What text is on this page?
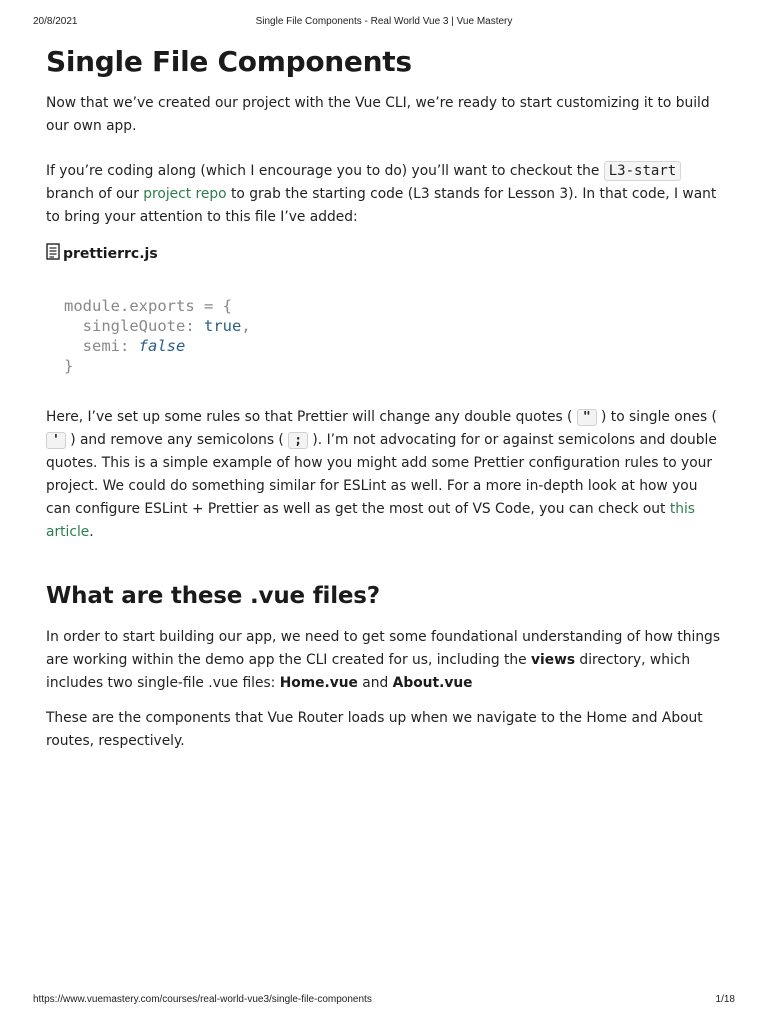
20/8/2021	Single File Components - Real World Vue 3 | Vue Mastery
Single File Components

Now that we’ve created our project with the Vue CLI, we’re ready to start customizing it to build our own app.

If you’re coding along (which I encourage you to do) you’ll want to checkout the L3-start branch of our project repo to grab the starting code (L3 stands for Lesson 3). In that code, I want to bring your attention to this file I’ve added:

prettierrc.js
module.exports = {
singleQuote: true,
semi: false
}

Here, I’ve set up some rules so that Prettier will change any double quotes ( " ) to single ones ( ' ) and remove any semicolons ( ; ). I’m not advocating for or against semicolons and double quotes. This is a simple example of how you might add some Prettier configuration rules to your project. We could do something similar for ESLint as well. For a more in-depth look at how you can configure ESLint + Prettier as well as get the most out of VS Code, you can check out this article.

What are these .vue files?

In order to start building our app, we need to get some foundational understanding of how things are working within the demo app the CLI created for us, including the views directory, which includes two single-file .vue files: Home.vue and About.vue

These are the components that Vue Router loads up when we navigate to the Home and About routes, respectively.

https://www.vuemastery.com/courses/real-world-vue3/single-file-components	1/18
